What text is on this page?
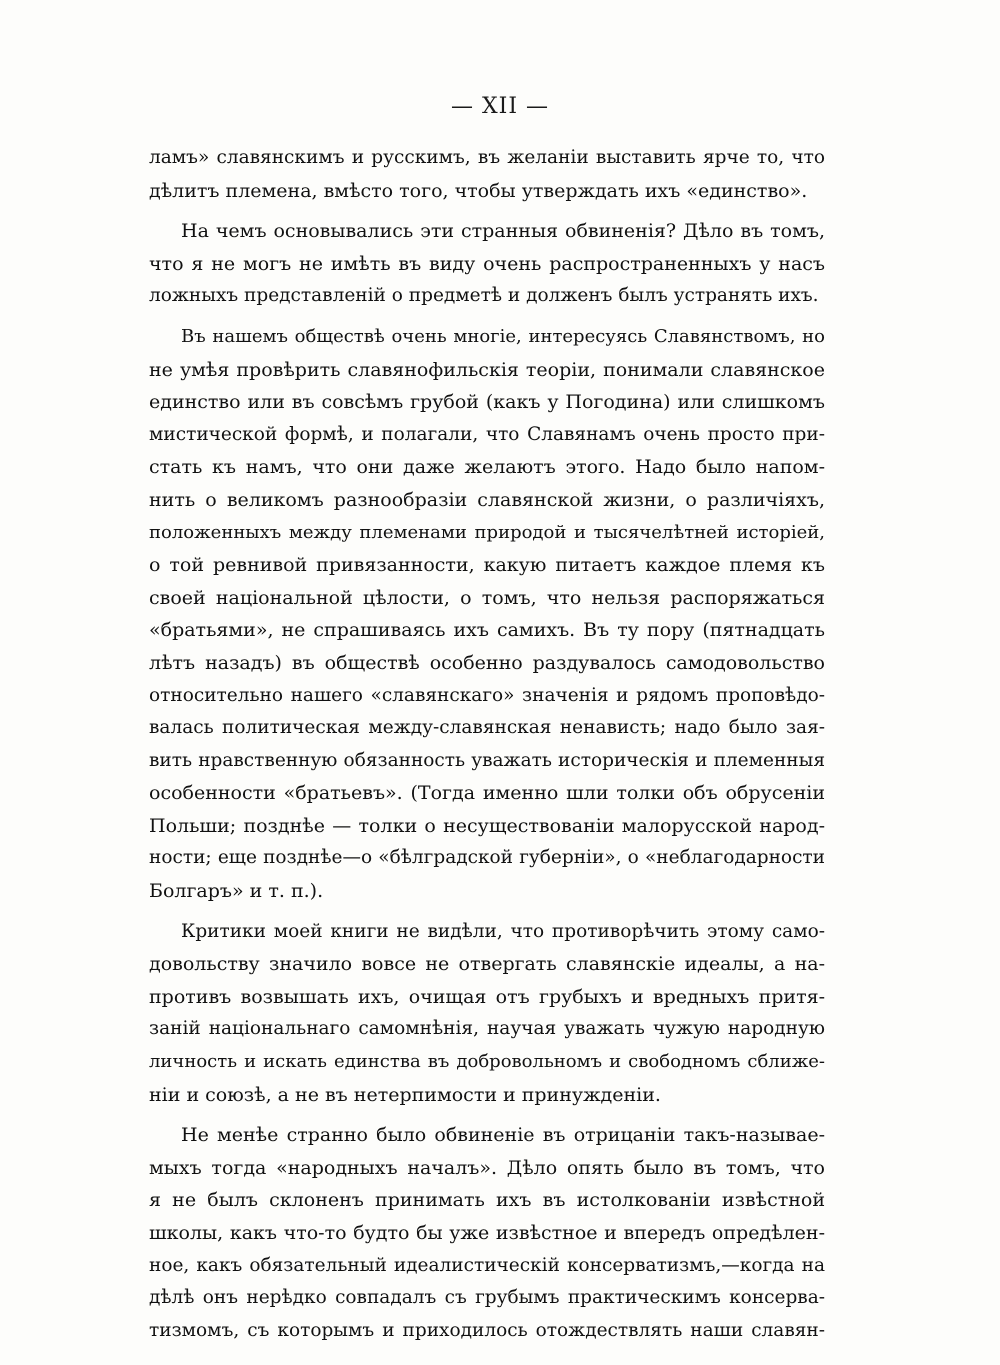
— XII —
ламъ» славянскимъ и русскимъ, въ желаніи выставить ярче то, что
дѣлитъ племена, вмѣсто того, чтобы утверждать ихъ «единство».
На чемъ основывались эти странныя обвиненія? Дѣло въ томъ,
что я не могъ не имѣть въ виду очень распространенныхъ у насъ
ложныхъ представленій о предметѣ и долженъ былъ устранять ихъ.
Въ нашемъ обществѣ очень многіе, интересуясь Славянствомъ, но
не умѣя провѣрить славянофильскія теоріи, понимали славянское
единство или въ совсѣмъ грубой (какъ у Погодина) или слишкомъ
мистической формѣ, и полагали, что Славянамъ очень просто при-
стать къ намъ, что они даже желаютъ этого. Надо было напом-
нить о великомъ разнообразіи славянской жизни, о различіяхъ,
положенныхъ между племенами природой и тысячелѣтней исторіей,
о той ревнивой привязанности, какую питаетъ каждое племя къ
своей національной цѣлости, о томъ, что нельзя распоряжаться
«братьями», не спрашиваясь ихъ самихъ. Въ ту пору (пятнадцать
лѣтъ назадъ) въ обществѣ особенно раздувалось самодовольство
относительно нашего «славянскаго» значенія и рядомъ проповѣдо-
валась политическая между-славянская ненависть; надо было зая-
вить нравственную обязанность уважать историческія и племенныя
особенности «братьевъ». (Тогда именно шли толки объ обрусеніи
Польши; позднѣе — толки о несуществованіи малорусской народ-
ности; еще позднѣе—о «бѣлградской губерніи», о «неблагодарности
Болгаръ» и т. п.).
Критики моей книги не видѣли, что противорѣчить этому само-
довольству значило вовсе не отвергать славянскіе идеалы, а на-
противъ возвышать ихъ, очищая отъ грубыхъ и вредныхъ притя-
заній національнаго самомнѣнія, научая уважать чужую народную
личность и искать единства въ добровольномъ и свободномъ сближе-
ніи и союзѣ, а не въ нетерпимости и принужденіи.
Не менѣе странно было обвиненіе въ отрицаніи такъ-называе-
мыхъ тогда «народныхъ началъ». Дѣло опять было въ томъ, что
я не былъ склоненъ принимать ихъ въ истолкованіи извѣстной
школы, какъ что-то будто бы уже извѣстное и впередъ опредѣлен-
ное, какъ обязательный идеалистическій консерватизмъ,—когда на
дѣлѣ онъ нерѣдко совпадалъ съ грубымъ практическимъ консерва-
тизмомъ, съ которымъ и приходилось отождествлять наши славян-
